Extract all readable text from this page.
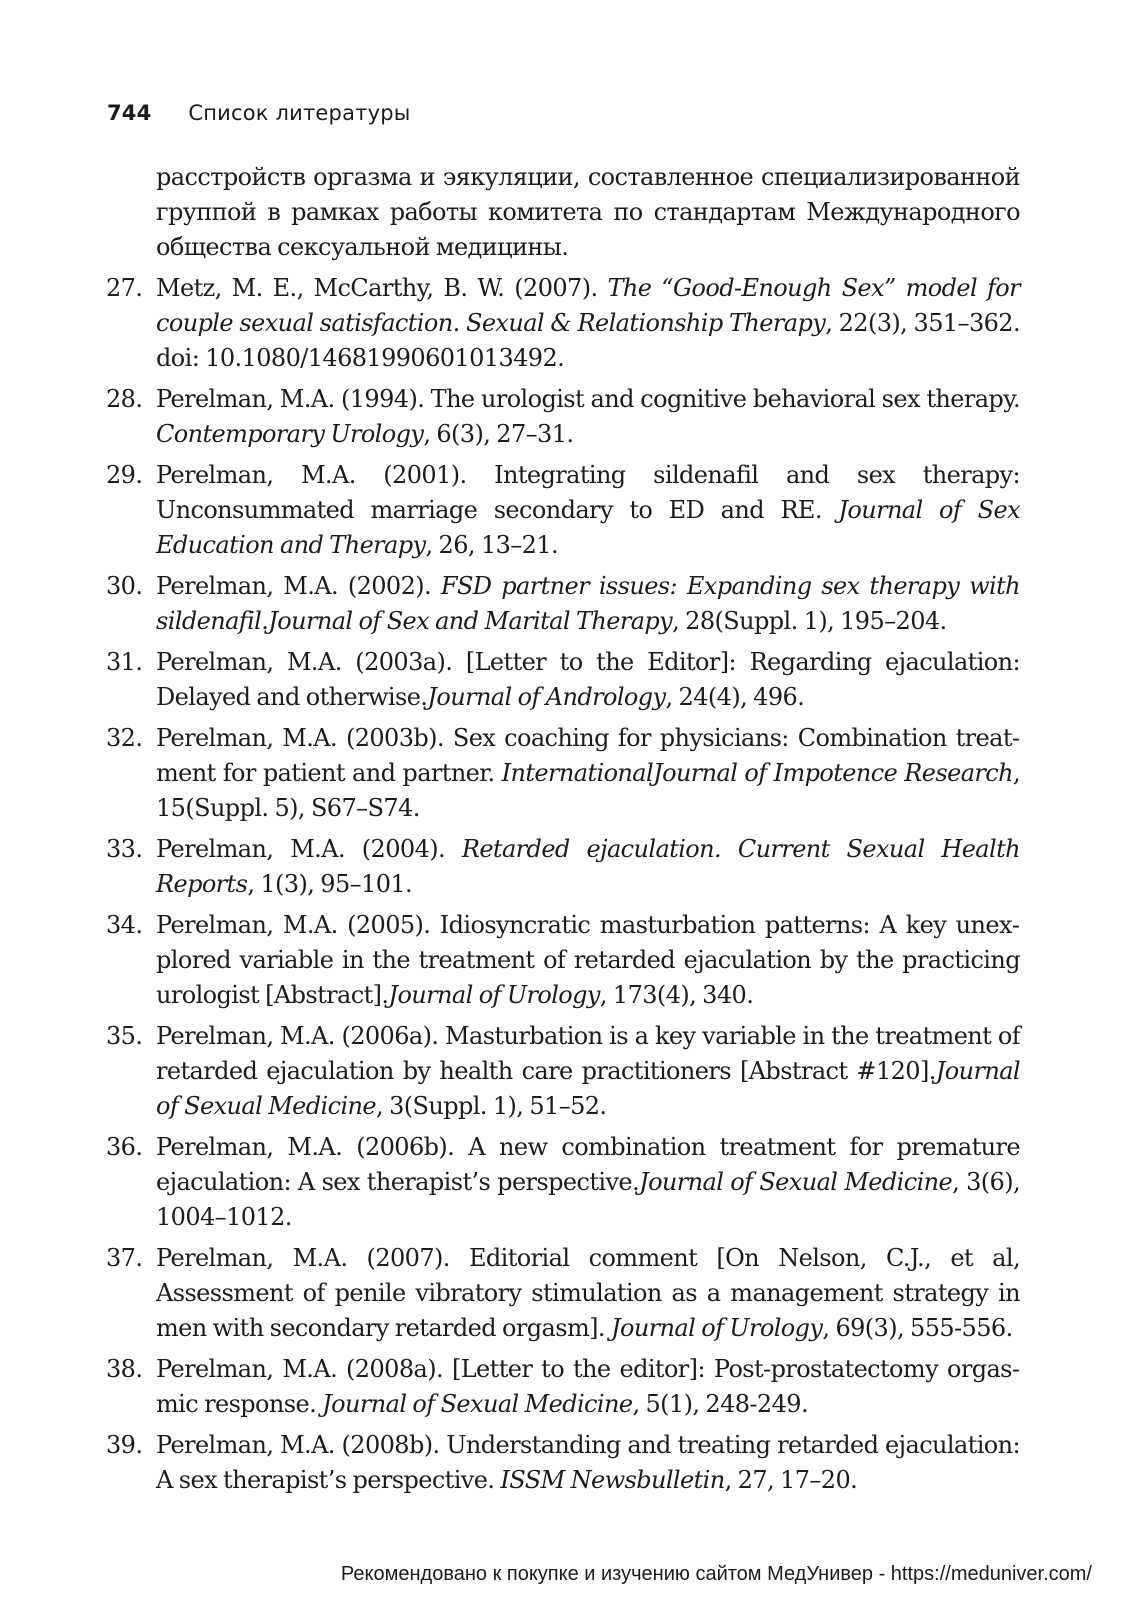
744 Список литературы
расстройств оргазма и эякуляции, составленное специализированной группой в рамках работы комитета по стандартам Международного общества сексуальной медицины.
27. Metz, M. E., McCarthy, B. W. (2007). The “Good-Enough Sex” model for couple sexual satisfaction. Sexual & Relationship Therapy, 22(3), 351–362. doi: 10.1080/14681990601013492.
28. Perelman, M.A. (1994). The urologist and cognitive behavioral sex therapy. Contemporary Urology, 6(3), 27–31.
29. Perelman, M.A. (2001). Integrating sildenafil and sex therapy: Unconsummated marriage secondary to ED and RE. Journal of Sex Education and Therapy, 26, 13–21.
30. Perelman, M.A. (2002). FSD partner issues: Expanding sex therapy with sildenafil.Journal of Sex and Marital Therapy, 28(Suppl. 1), 195–204.
31. Perelman, M.A. (2003a). [Letter to the Editor]: Regarding ejaculation: Delayed and otherwise.Journal of Andrology, 24(4), 496.
32. Perelman, M.A. (2003b). Sex coaching for physicians: Combination treatment for patient and partner. InternationalJournal of Impotence Research, 15(Suppl. 5), S67–S74.
33. Perelman, M.A. (2004). Retarded ejaculation. Current Sexual Health Reports, 1(3), 95–101.
34. Perelman, M.A. (2005). Idiosyncratic masturbation patterns: A key unexplored variable in the treatment of retarded ejaculation by the practicing urologist [Abstract].Journal of Urology, 173(4), 340.
35. Perelman, M.A. (2006a). Masturbation is a key variable in the treatment of retarded ejaculation by health care practitioners [Abstract #120].Journal of Sexual Medicine, 3(Suppl. 1), 51–52.
36. Perelman, M.A. (2006b). A new combination treatment for premature ejaculation: A sex therapist’s perspective.Journal of Sexual Medicine, 3(6), 1004–1012.
37. Perelman, M.A. (2007). Editorial comment [On Nelson, C.J., et al, Assessment of penile vibratory stimulation as a management strategy in men with secondary retarded orgasm]. Journal of Urology, 69(3), 555-556.
38. Perelman, M.A. (2008a). [Letter to the editor]: Post-prostatectomy orgasmic response. Journal of Sexual Medicine, 5(1), 248-249.
39. Perelman, M.A. (2008b). Understanding and treating retarded ejaculation: A sex therapist’s perspective. ISSM Newsbulletin, 27, 17–20.
Рекомендовано к покупке и изучению сайтом МедУнивер - https://meduniver.com/
